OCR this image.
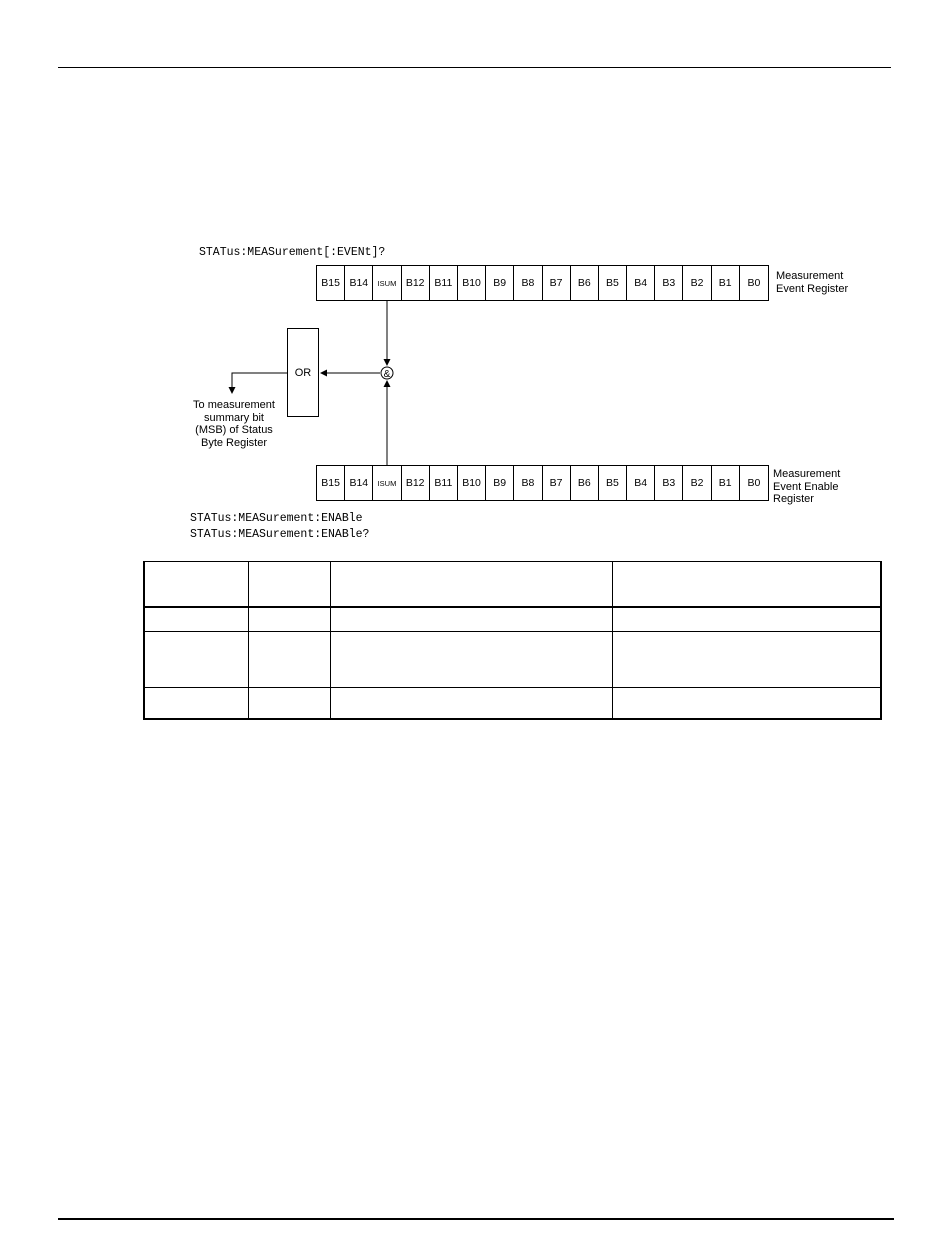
STATus:MEASurement[:EVENt]?

B15 B14	ISUM B12 B11 B10	B9	B8	B7	B6	B5	B4	B3	B2	B1	B0

Measurement
Event Register

OR	&

To measurement
summary bit
(MSB) of Status
Byte Register

B15 B14	ISUM B12 B11 B10	B9	B8	B7	B6	B5	B4	B3	B2	B1	B0

Measurement
Event Enable
Register

STATus:MEASurement:ENABle

STATus:MEASurement:ENABle?
